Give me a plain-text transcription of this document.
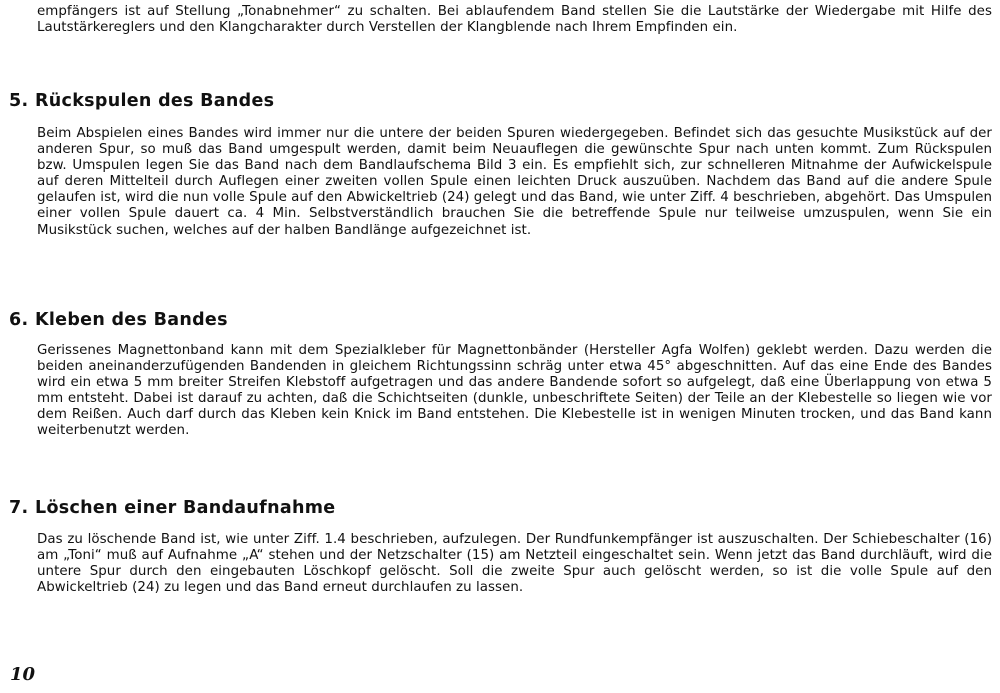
empfängers ist auf Stellung „Tonabnehmer“ zu schalten. Bei ablaufendem Band stellen Sie die Lautstärke der Wiedergabe mit Hilfe des Lautstärkereglers und den Klangcharakter durch Verstellen der Klangblende nach Ihrem Empfinden ein.

5. Rückspulen des Bandes

Beim Abspielen eines Bandes wird immer nur die untere der beiden Spuren wiedergegeben. Befindet sich das gesuchte Musikstück auf der anderen Spur, so muß das Band umgespult werden, damit beim Neuauflegen die gewünschte Spur nach unten kommt. Zum Rückspulen bzw. Umspulen legen Sie das Band nach dem Bandlaufschema Bild 3 ein. Es empfiehlt sich, zur schnelleren Mitnahme der Aufwickelspule auf deren Mittelteil durch Auflegen einer zweiten vollen Spule einen leichten Druck auszuüben. Nachdem das Band auf die andere Spule gelaufen ist, wird die nun volle Spule auf den Abwickeltrieb (24) gelegt und das Band, wie unter Ziff. 4 beschrieben, abgehört. Das Umspulen einer vollen Spule dauert ca. 4 Min. Selbstverständlich brauchen Sie die betreffende Spule nur teilweise umzuspulen, wenn Sie ein Musikstück suchen, welches auf der halben Bandlänge aufgezeichnet ist.

6. Kleben des Bandes

Gerissenes Magnettonband kann mit dem Spezialkleber für Magnettonbänder (Hersteller Agfa Wolfen) geklebt werden. Dazu werden die beiden aneinanderzufügenden Bandenden in gleichem Richtungssinn schräg unter etwa 45° abgeschnitten. Auf das eine Ende des Bandes wird ein etwa 5 mm breiter Streifen Klebstoff aufgetragen und das andere Bandende sofort so aufgelegt, daß eine Überlappung von etwa 5 mm entsteht. Dabei ist darauf zu achten, daß die Schichtseiten (dunkle, unbeschriftete Seiten) der Teile an der Klebestelle so liegen wie vor dem Reißen. Auch darf durch das Kleben kein Knick im Band entstehen. Die Klebestelle ist in wenigen Minuten trocken, und das Band kann weiterbenutzt werden.

7. Löschen einer Bandaufnahme

Das zu löschende Band ist, wie unter Ziff. 1.4 beschrieben, aufzulegen. Der Rundfunkempfänger ist auszuschalten. Der Schiebeschalter (16) am „Toni“ muß auf Aufnahme „A“ stehen und der Netzschalter (15) am Netzteil eingeschaltet sein. Wenn jetzt das Band durchläuft, wird die untere Spur durch den eingebauten Löschkopf gelöscht. Soll die zweite Spur auch gelöscht werden, so ist die volle Spule auf den Abwickeltrieb (24) zu legen und das Band erneut durchlaufen zu lassen.

10
